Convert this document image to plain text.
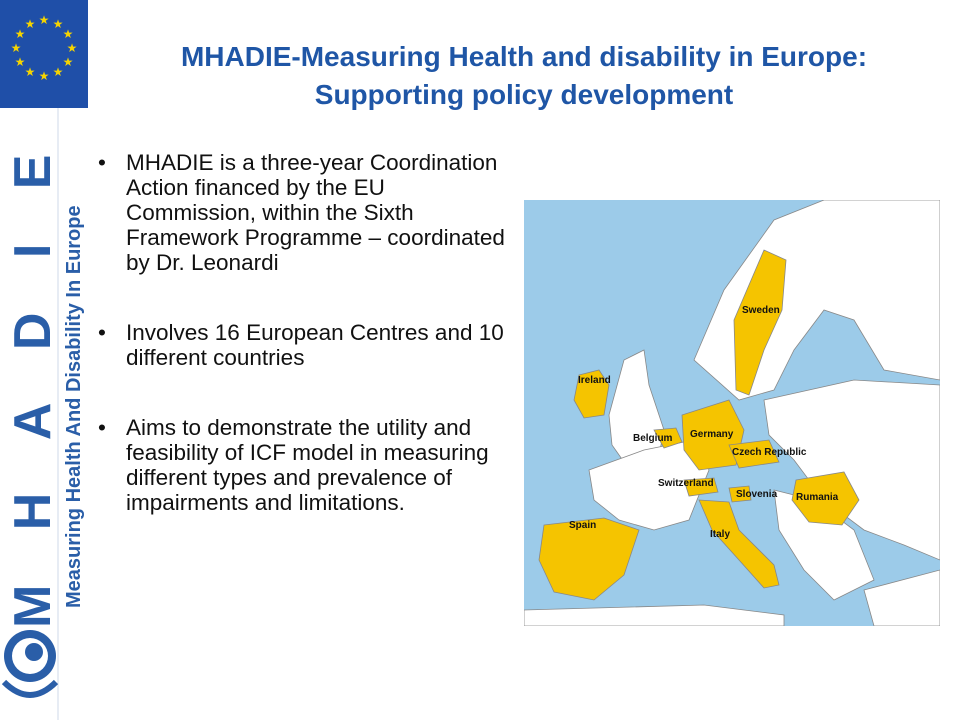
★ ★
★
★
★
★
★
★
★
★
★
★
M H A D I E Measuring Health And Disability In Europe
MHADIE-Measuring Health and disability in Europe:
Supporting policy development
• MHADIE is a three-year Coordination Action financed by the EU Commission, within the Sixth Framework Programme – coordinated by Dr. Leonardi
• Involves 16 European Centres and 10 different countries
• Aims to demonstrate the utility and feasibility of ICF model in measuring different types and prevalence of impairments and limitations.
Sweden
Ireland
Belgium Germany
Czech Republic
Switzerland
Slovenia Rumania
Spain
Italy
